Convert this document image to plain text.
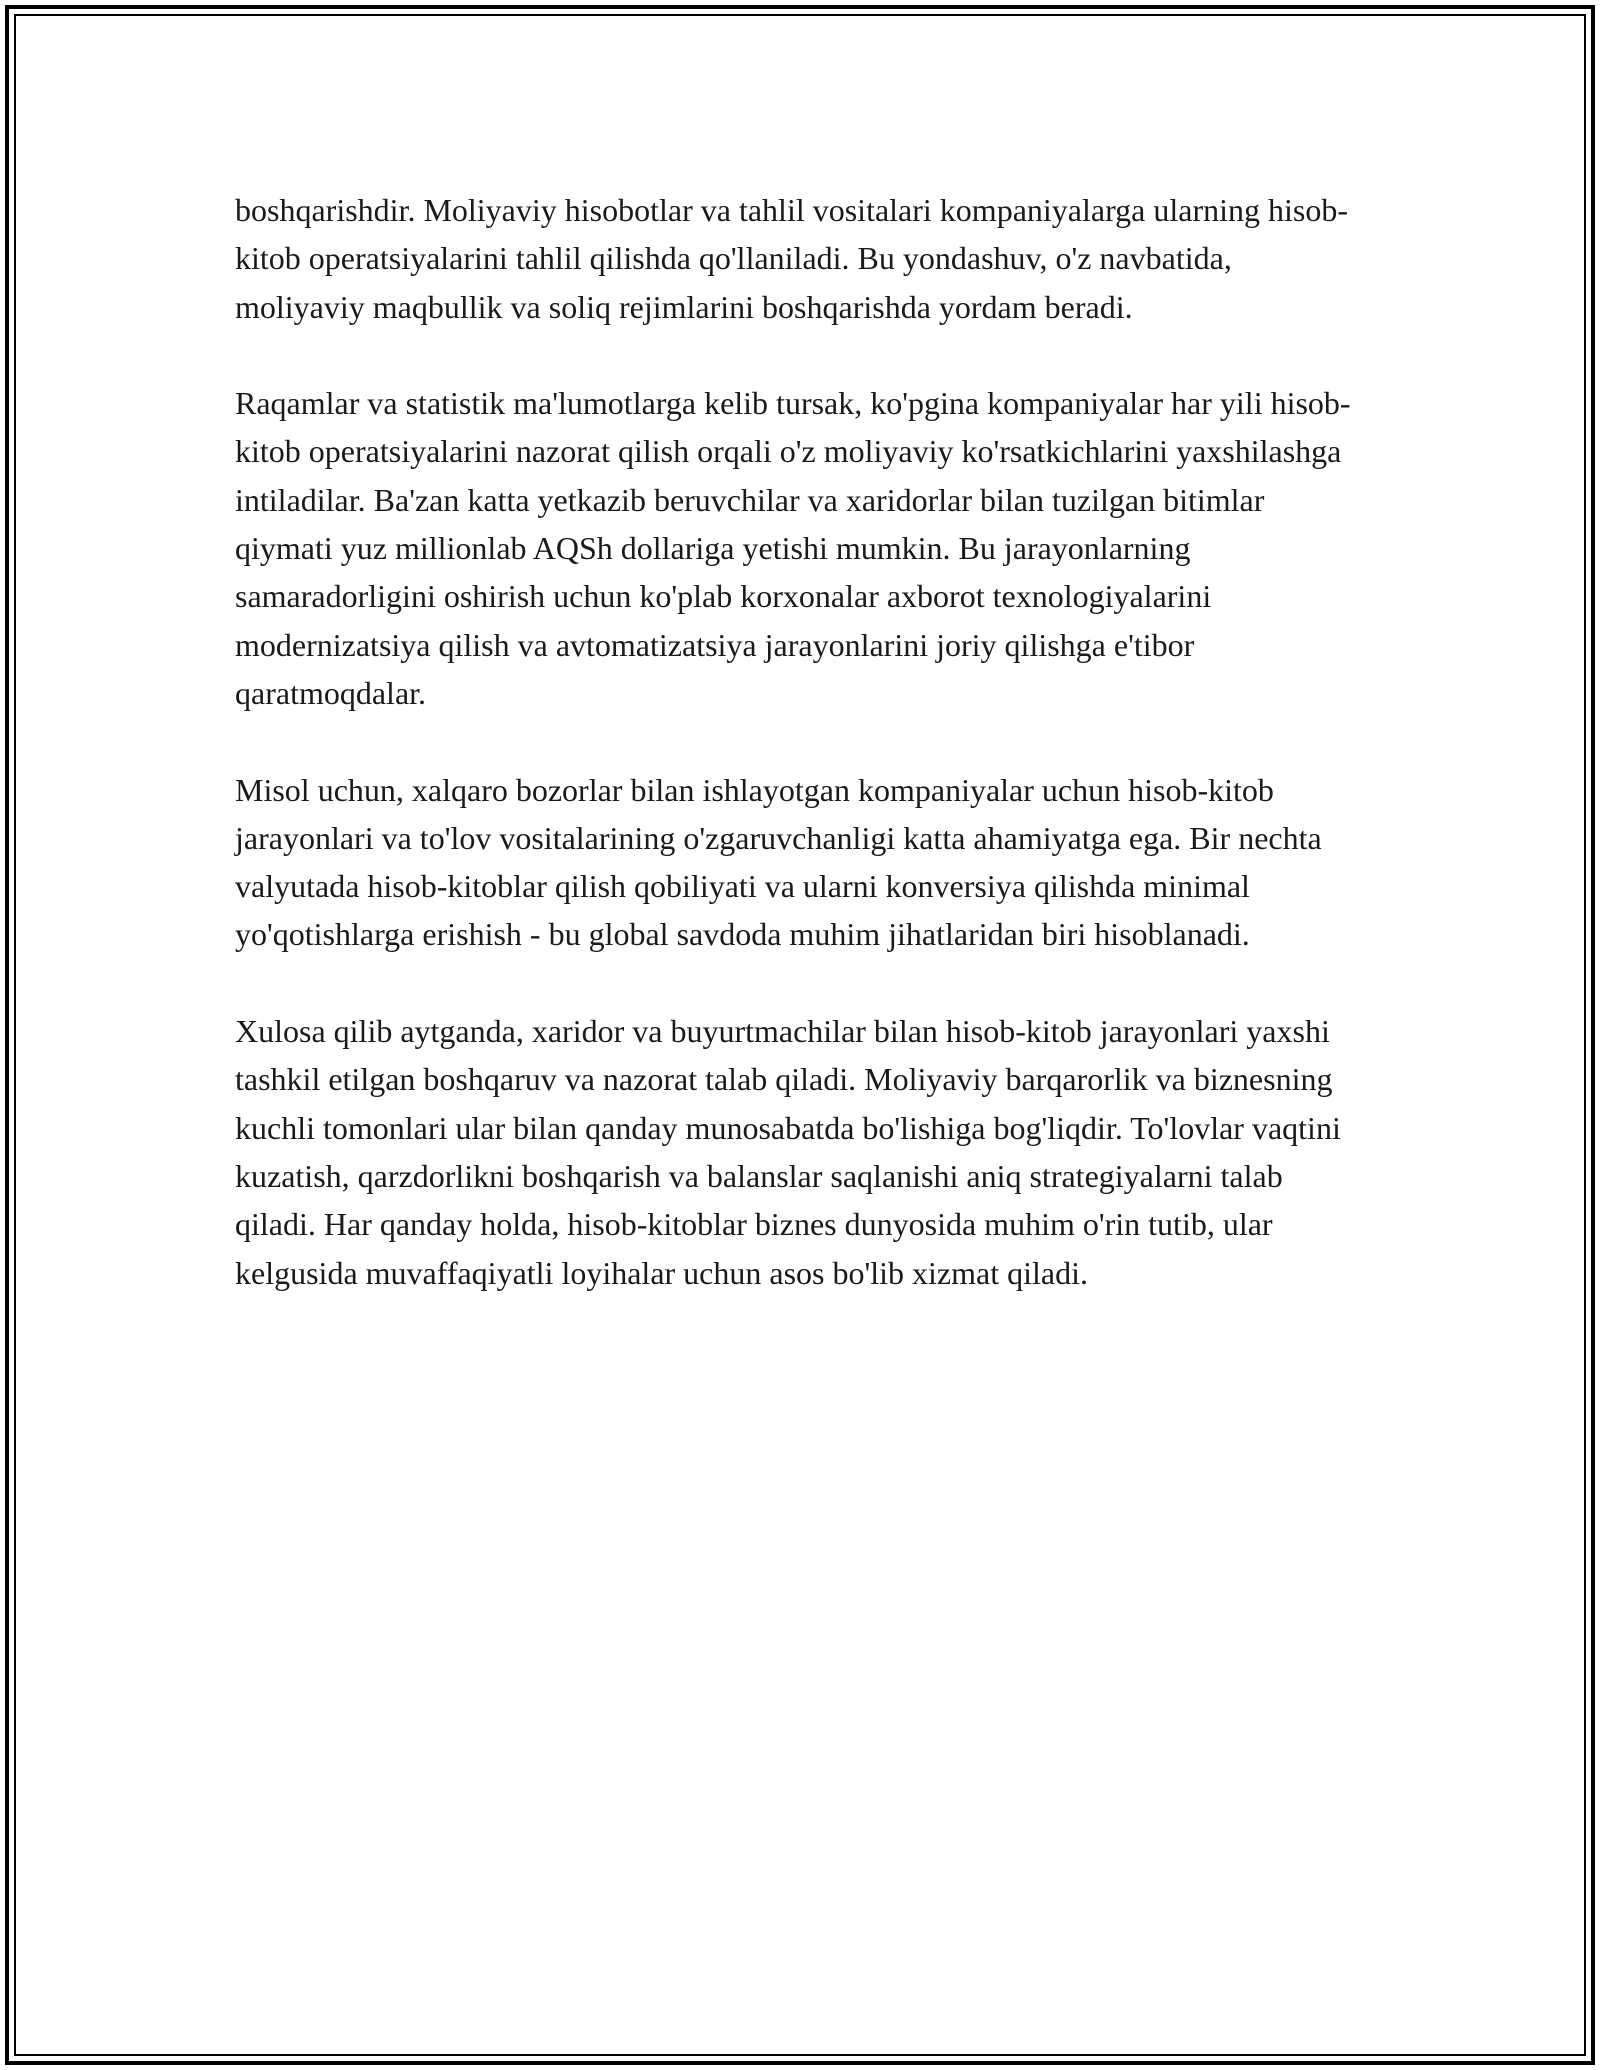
boshqarishdir. Moliyaviy hisobotlar va tahlil vositalari kompaniyalarga ularning hisob-kitob operatsiyalarini tahlil qilishda qo'llaniladi. Bu yondashuv, o'z navbatida, moliyaviy maqbullik va soliq rejimlarini boshqarishda yordam beradi.

Raqamlar va statistik ma'lumotlarga kelib tursak, ko'pgina kompaniyalar har yili hisob-kitob operatsiyalarini nazorat qilish orqali o'z moliyaviy ko'rsatkichlarini yaxshilashga intiladilar. Ba'zan katta yetkazib beruvchilar va xaridorlar bilan tuzilgan bitimlar qiymati yuz millionlab AQSh dollariga yetishi mumkin. Bu jarayonlarning samaradorligini oshirish uchun ko'plab korxonalar axborot texnologiyalarini modernizatsiya qilish va avtomatizatsiya jarayonlarini joriy qilishga e'tibor qaratmoqdalar.

Misol uchun, xalqaro bozorlar bilan ishlayotgan kompaniyalar uchun hisob-kitob jarayonlari va to'lov vositalarining o'zgaruvchanligi katta ahamiyatga ega. Bir nechta valyutada hisob-kitoblar qilish qobiliyati va ularni konversiya qilishda minimal yo'qotishlarga erishish - bu global savdoda muhim jihatlaridan biri hisoblanadi.

Xulosa qilib aytganda, xaridor va buyurtmachilar bilan hisob-kitob jarayonlari yaxshi tashkil etilgan boshqaruv va nazorat talab qiladi. Moliyaviy barqarorlik va biznesning kuchli tomonlari ular bilan qanday munosabatda bo'lishiga bog'liqdir. To'lovlar vaqtini kuzatish, qarzdorlikni boshqarish va balanslar saqlanishi aniq strategiyalarni talab qiladi. Har qanday holda, hisob-kitoblar biznes dunyosida muhim o'rin tutib, ular kelgusida muvaffaqiyatli loyihalar uchun asos bo'lib xizmat qiladi.
